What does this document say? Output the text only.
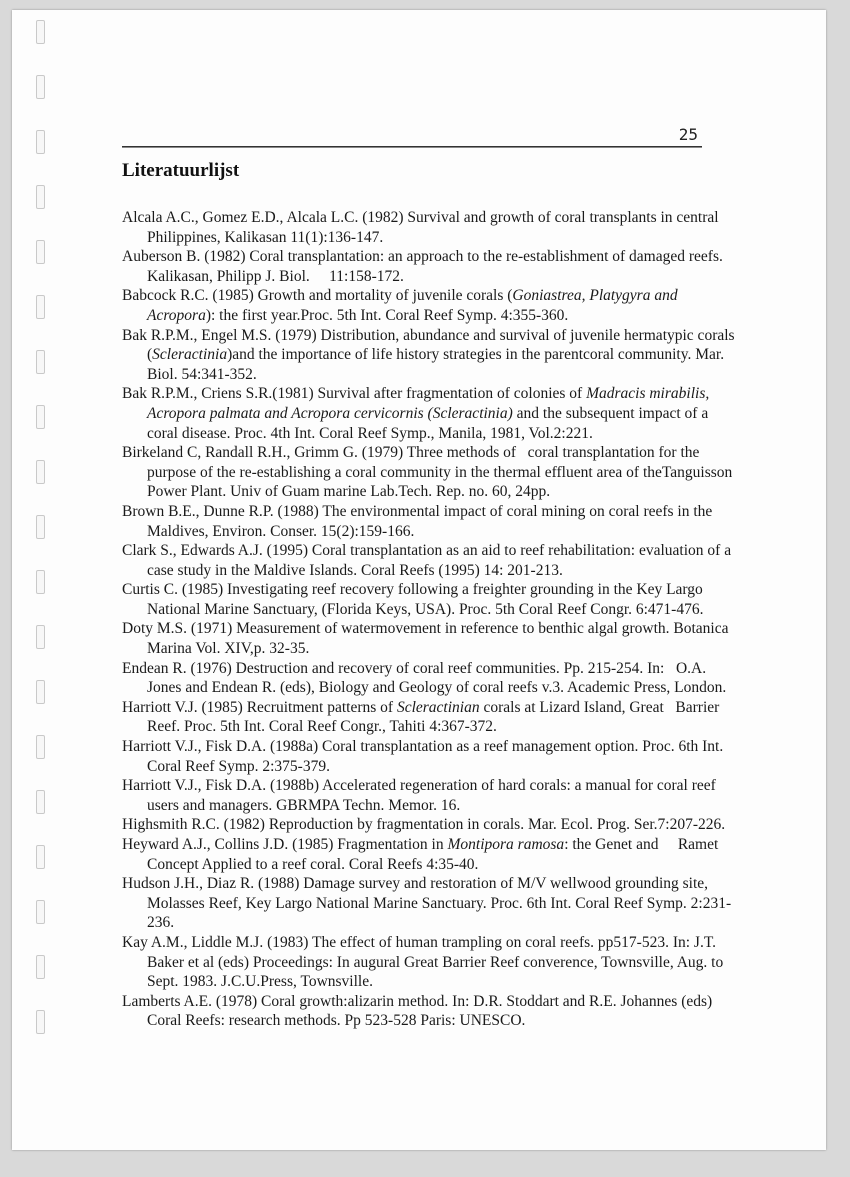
25
Literatuurlijst
Alcala A.C., Gomez E.D., Alcala L.C. (1982) Survival and growth of coral transplants in central Philippines, Kalikasan 11(1):136-147.
Auberson B. (1982) Coral transplantation: an approach to the re-establishment of damaged reefs. Kalikasan, Philipp J. Biol.  11:158-172.
Babcock R.C. (1985) Growth and mortality of juvenile corals (Goniastrea, Platygyra and Acropora): the first year.Proc. 5th Int. Coral Reef Symp. 4:355-360.
Bak R.P.M., Engel M.S. (1979) Distribution, abundance and survival of juvenile hermatypic corals (Scleractinia)and the importance of life history strategies in the parentcoral community. Mar. Biol. 54:341-352.
Bak R.P.M., Criens S.R.(1981) Survival after fragmentation of colonies of Madracis mirabilis, Acropora palmata and Acropora cervicornis (Scleractinia) and the subsequent impact of a coral disease. Proc. 4th Int. Coral Reef Symp., Manila, 1981, Vol.2:221.
Birkeland C, Randall R.H., Grimm G. (1979) Three methods of  coral transplantation for the purpose of the re-establishing a coral community in the thermal effluent area of theTanguisson Power Plant. Univ of Guam marine Lab.Tech. Rep. no. 60, 24pp.
Brown B.E., Dunne R.P. (1988) The environmental impact of coral mining on coral reefs in the Maldives, Environ. Conser. 15(2):159-166.
Clark S., Edwards A.J. (1995) Coral transplantation as an aid to reef rehabilitation: evaluation of a case study in the Maldive Islands. Coral Reefs (1995) 14: 201-213.
Curtis C. (1985) Investigating reef recovery following a freighter grounding in the Key Largo National Marine Sanctuary, (Florida Keys, USA). Proc. 5th Coral Reef Congr. 6:471-476.
Doty M.S. (1971) Measurement of watermovement in reference to benthic algal growth. Botanica Marina Vol. XIV,p. 32-35.
Endean R. (1976) Destruction and recovery of coral reef communities. Pp. 215-254. In:  O.A. Jones and Endean R. (eds), Biology and Geology of coral reefs v.3. Academic Press, London.
Harriott V.J. (1985) Recruitment patterns of Scleractinian corals at Lizard Island, Great  Barrier Reef. Proc. 5th Int. Coral Reef Congr., Tahiti 4:367-372.
Harriott V.J., Fisk D.A. (1988a) Coral transplantation as a reef management option. Proc. 6th Int. Coral Reef Symp. 2:375-379.
Harriott V.J., Fisk D.A. (1988b) Accelerated regeneration of hard corals: a manual for coral reef users and managers. GBRMPA Techn. Memor. 16.
Highsmith R.C. (1982) Reproduction by fragmentation in corals. Mar. Ecol. Prog. Ser.7:207-226.
Heyward A.J., Collins J.D. (1985) Fragmentation in Montipora ramosa: the Genet and  Ramet Concept Applied to a reef coral. Coral Reefs 4:35-40.
Hudson J.H., Diaz R. (1988) Damage survey and restoration of M/V wellwood grounding site, Molasses Reef, Key Largo National Marine Sanctuary. Proc. 6th Int. Coral Reef Symp. 2:231-236.
Kay A.M., Liddle M.J. (1983) The effect of human trampling on coral reefs. pp517-523. In: J.T. Baker et al (eds) Proceedings: In augural Great Barrier Reef converence, Townsville, Aug. to Sept. 1983. J.C.U.Press, Townsville.
Lamberts A.E. (1978) Coral growth:alizarin method. In: D.R. Stoddart and R.E. Johannes (eds) Coral Reefs: research methods. Pp 523-528 Paris: UNESCO.
